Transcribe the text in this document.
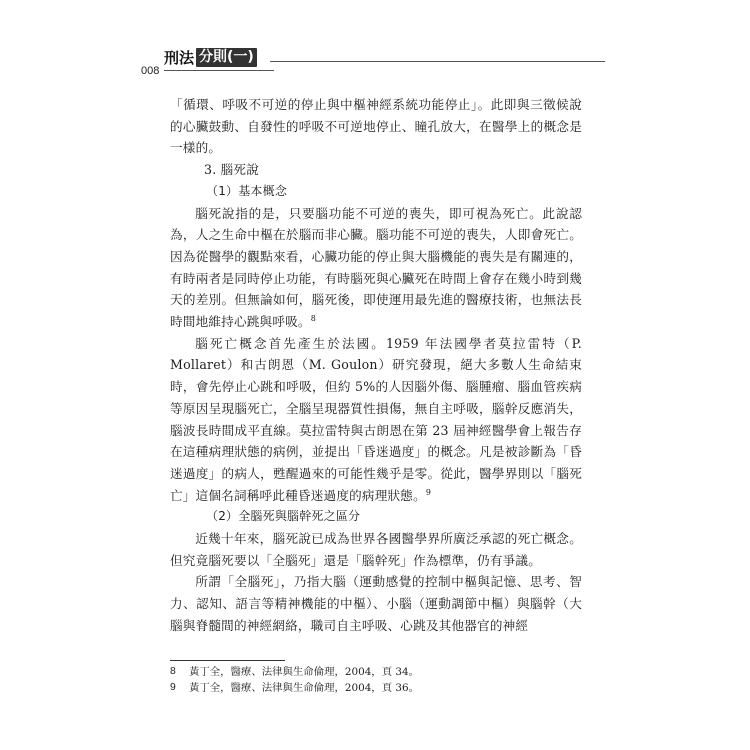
008
刑法 分則(一)

「循環、呼吸不可逆的停止與中樞神經系統功能停止」。此即與三徵候說的心臟鼓動、自發性的呼吸不可逆地停止、瞳孔放大，在醫學上的概念是一樣的。

3. 腦死說

（1）基本概念

腦死說指的是，只要腦功能不可逆的喪失，即可視為死亡。此說認為，人之生命中樞在於腦而非心臟。腦功能不可逆的喪失，人即會死亡。因為從醫學的觀點來看，心臟功能的停止與大腦機能的喪失是有關連的，有時兩者是同時停止功能，有時腦死與心臟死在時間上會存在幾小時到幾天的差別。但無論如何，腦死後，即使運用最先進的醫療技術，也無法長時間地維持心跳與呼吸。$^8$

腦死亡概念首先產生於法國。1959 年法國學者莫拉雷特（P. Mollaret）和古朗恩（M. Goulon）研究發現，絕大多數人生命結束時，會先停止心跳和呼吸，但約 5%的人因腦外傷、腦腫瘤、腦血管疾病等原因呈現腦死亡，全腦呈現器質性損傷，無自主呼吸，腦幹反應消失，腦波長時間成平直線。莫拉雷特與古朗恩在第 23 屆神經醫學會上報告存在這種病理狀態的病例，並提出「昏迷過度」的概念。凡是被診斷為「昏迷過度」的病人，甦醒過來的可能性幾乎是零。從此，醫學界則以「腦死亡」這個名詞稱呼此種昏迷過度的病理狀態。$^9$

（2）全腦死與腦幹死之區分

近幾十年來，腦死說已成為世界各國醫學界所廣泛承認的死亡概念。但究竟腦死要以「全腦死」還是「腦幹死」作為標準，仍有爭議。

所謂「全腦死」，乃指大腦（運動感覺的控制中樞與記憶、思考、智力、認知、語言等精神機能的中樞）、小腦（運動調節中樞）與腦幹（大腦與脊髓間的神經網絡，職司自主呼吸、心跳及其他器官的神經

8	黃丁全，醫療、法律與生命倫理，2004，頁 34。
9	黃丁全，醫療、法律與生命倫理，2004，頁 36。
